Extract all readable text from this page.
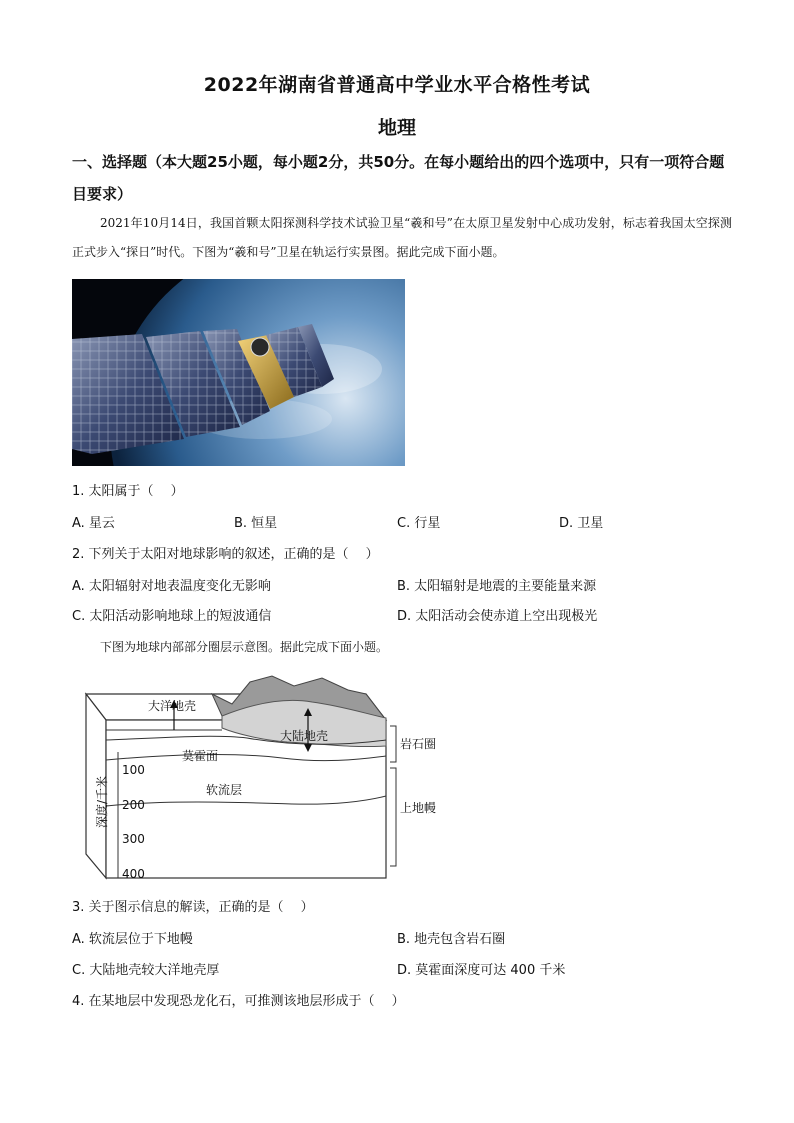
2022年湖南省普通高中学业水平合格性考试
地理
一、选择题（本大题25小题，每小题2分，共50分。在每小题给出的四个选项中，只有一项符合题目要求）
2021年10月14日，我国首颗太阳探测科学技术试验卫星“羲和号”在太原卫星发射中心成功发射，标志着我国太空探测正式步入“探日”时代。下图为“羲和号”卫星在轨运行实景图。据此完成下面小题。
1. 太阳属于（　 ）
A. 星云	B. 恒星	C. 行星	D. 卫星
2. 下列关于太阳对地球影响的叙述，正确的是（　 ）
A. 太阳辐射对地表温度变化无影响	B. 太阳辐射是地震的主要能量来源
C. 太阳活动影响地球上的短波通信	D. 太阳活动会使赤道上空出现极光
下图为地球内部部分圈层示意图。据此完成下面小题。
大洋地壳
大陆地壳
莫霍面
软流层
100
200
300
400
深度/千米
岩石圈
上地幔
3. 关于图示信息的解读，正确的是（　 ）
A. 软流层位于下地幔	B. 地壳包含岩石圈
C. 大陆地壳较大洋地壳厚	D. 莫霍面深度可达 400 千米
4. 在某地层中发现恐龙化石，可推测该地层形成于（　 ）
